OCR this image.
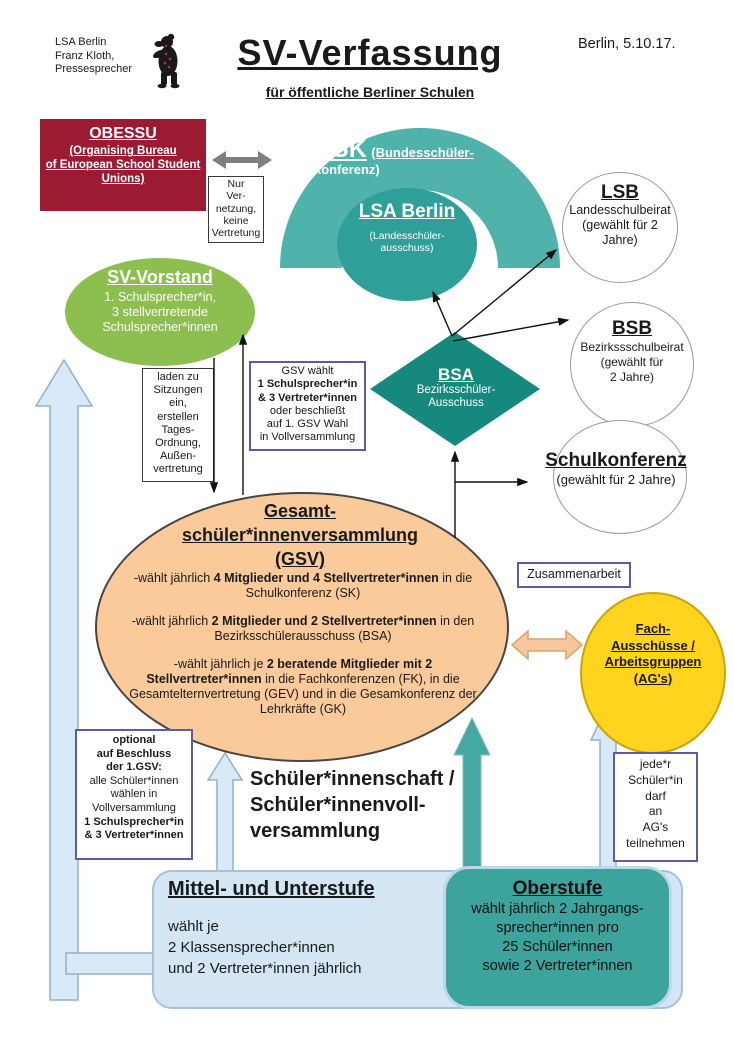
LSA Berlin
Franz Kloth,
Pressesprecher	SV-Verfassung
für öffentliche Berliner Schulen
Berlin, 5.10.17.
OBESSU
(Organising Bureau
of European School Student
Unions)	Nur
Ver-
netzung,
keine
Vertretung
BSK (Bundesschüler-
konferenz)
LSA Berlin
(Landesschüler-
ausschuss)
LSB
Landesschulbeirat
(gewählt für 2
Jahre)
BSB
Bezirkssschulbeirat
(gewählt für
2 Jahre)
Schulkonferenz
(gewählt für 2 Jahre)
SV-Vorstand
1. Schulsprecher*in,
3 stellvertretende
Schulsprecher*innen
laden zu
Sitzungen
ein,
erstellen
Tages-
Ordnung,
Außen-
vertretung
GSV wählt
1 Schulsprecher*in
& 3 Vertreter*innen
oder beschließt
auf 1. GSV Wahl
in Vollversammlung
BSA
Bezirksschüler-
Ausschuss
Gesamt-
schüler*innenversammlung
(GSV)

-wählt jährlich 4 Mitglieder und 4 Stellvertreter*innen in die Schulkonferenz (SK)

-wählt jährlich 2 Mitglieder und 2 Stellvertreter*innen in den Bezirksschülerausschuss (BSA)

-wählt jährlich je 2 beratende Mitglieder mit 2 Stellvertreter*innen in die Fachkonferenzen (FK), in die Gesamtelternvertretung (GEV) und in die Gesamkonferenz der Lehrkräfte (GK)

Zusammenarbeit
Fach-
Ausschüsse /
Arbeitsgruppen
(AG's)
optional
auf Beschluss
der 1.GSV:
alle Schüler*innen
wählen in
Vollversammlung
1 Schulsprecher*in
& 3 Vertreter*innen
Schüler*innenschaft /
Schüler*innenvoll-
versammlung
jede*r
Schüler*in
darf
an
AG's
teilnehmen
Mittel- und Unterstufe
wählt je
2 Klassensprecher*innen
und 2 Vertreter*innen jährlich
Oberstufe
wählt jährlich 2 Jahrgangs-
sprecher*innen pro
25 Schüler*innen
sowie 2 Vertreter*innen
